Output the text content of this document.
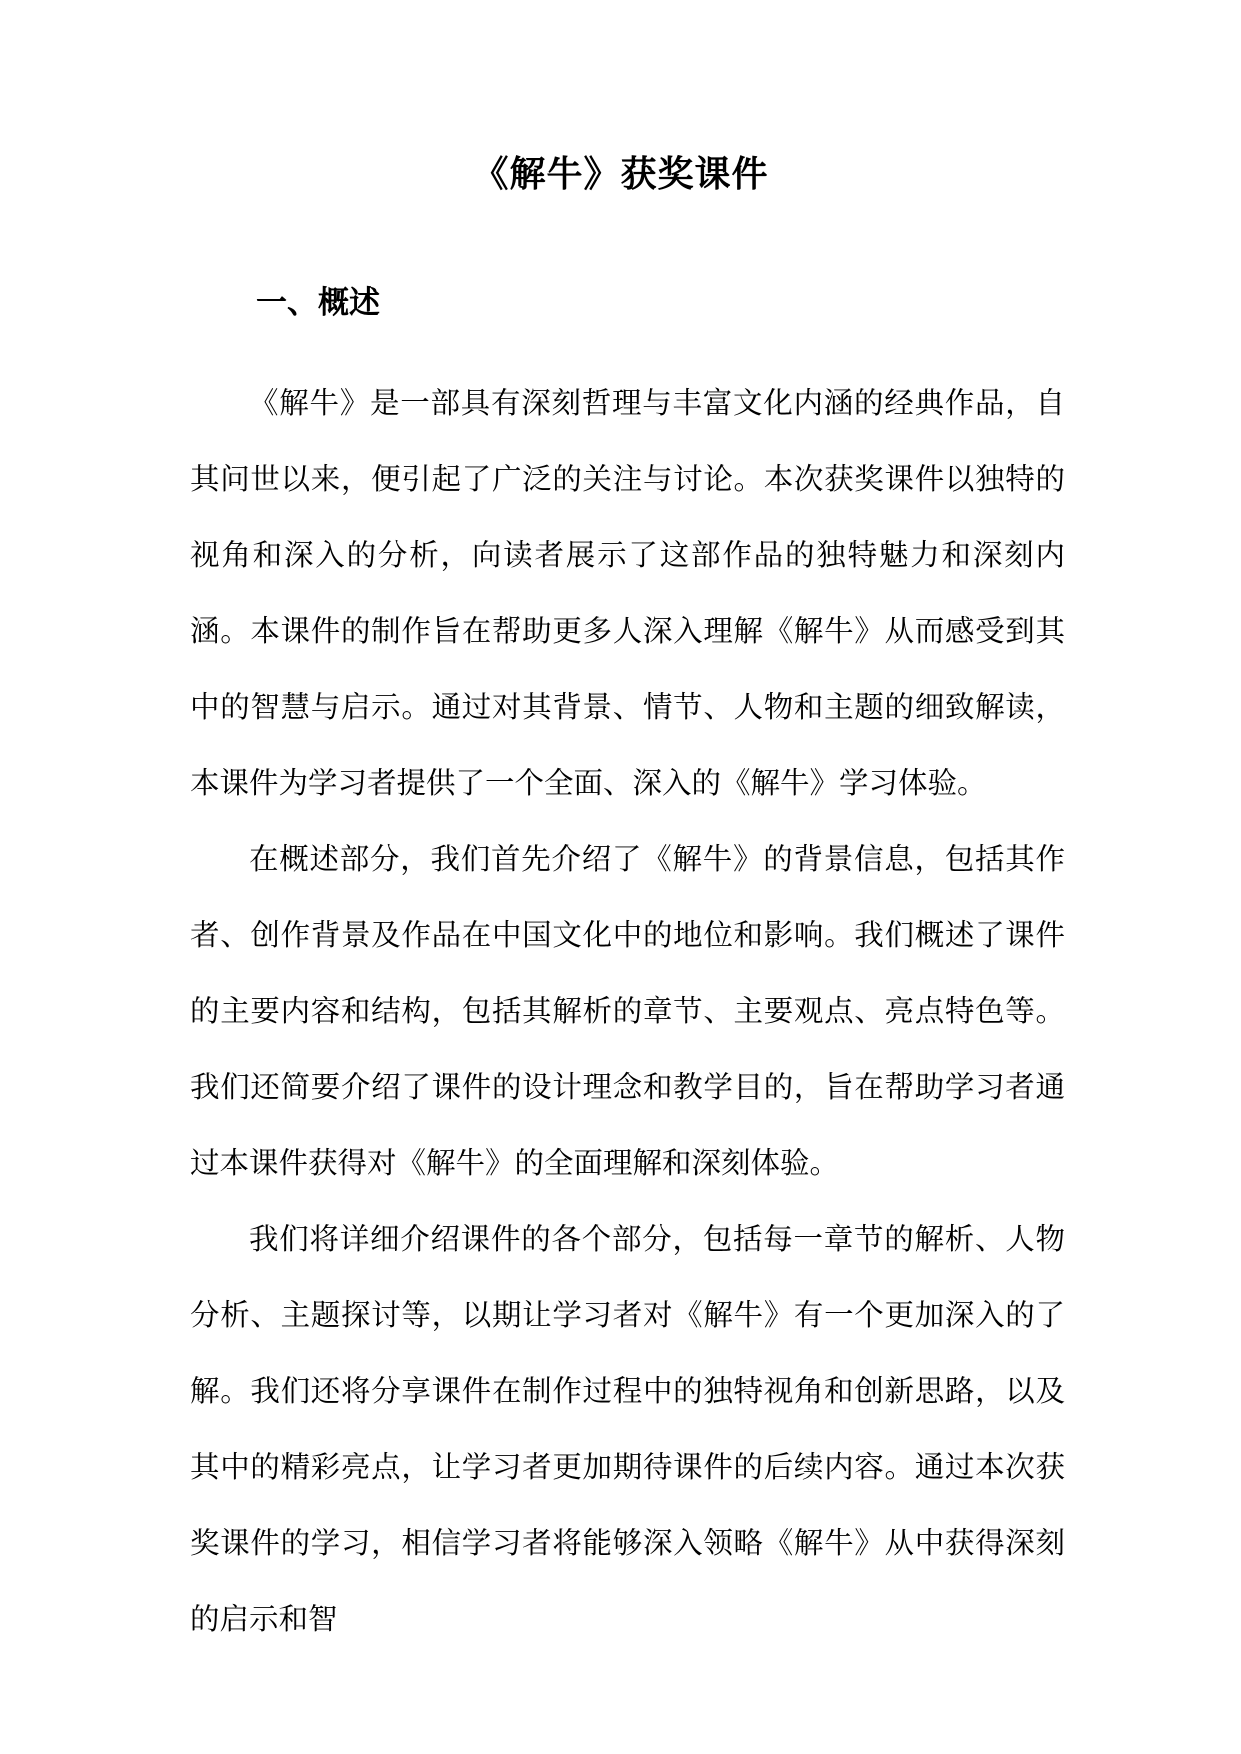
《解牛》获奖课件
一、概述

《解牛》是一部具有深刻哲理与丰富文化内涵的经典作品，自其问世以来，便引起了广泛的关注与讨论。本次获奖课件以独特的视角和深入的分析，向读者展示了这部作品的独特魅力和深刻内涵。本课件的制作旨在帮助更多人深入理解《解牛》从而感受到其中的智慧与启示。通过对其背景、情节、人物和主题的细致解读，本课件为学习者提供了一个全面、深入的《解牛》学习体验。

在概述部分，我们首先介绍了《解牛》的背景信息，包括其作者、创作背景及作品在中国文化中的地位和影响。我们概述了课件的主要内容和结构，包括其解析的章节、主要观点、亮点特色等。我们还简要介绍了课件的设计理念和教学目的，旨在帮助学习者通过本课件获得对《解牛》的全面理解和深刻体验。

我们将详细介绍课件的各个部分，包括每一章节的解析、人物分析、主题探讨等，以期让学习者对《解牛》有一个更加深入的了解。我们还将分享课件在制作过程中的独特视角和创新思路，以及其中的精彩亮点，让学习者更加期待课件的后续内容。通过本次获奖课件的学习，相信学习者将能够深入领略《解牛》从中获得深刻的启示和智
